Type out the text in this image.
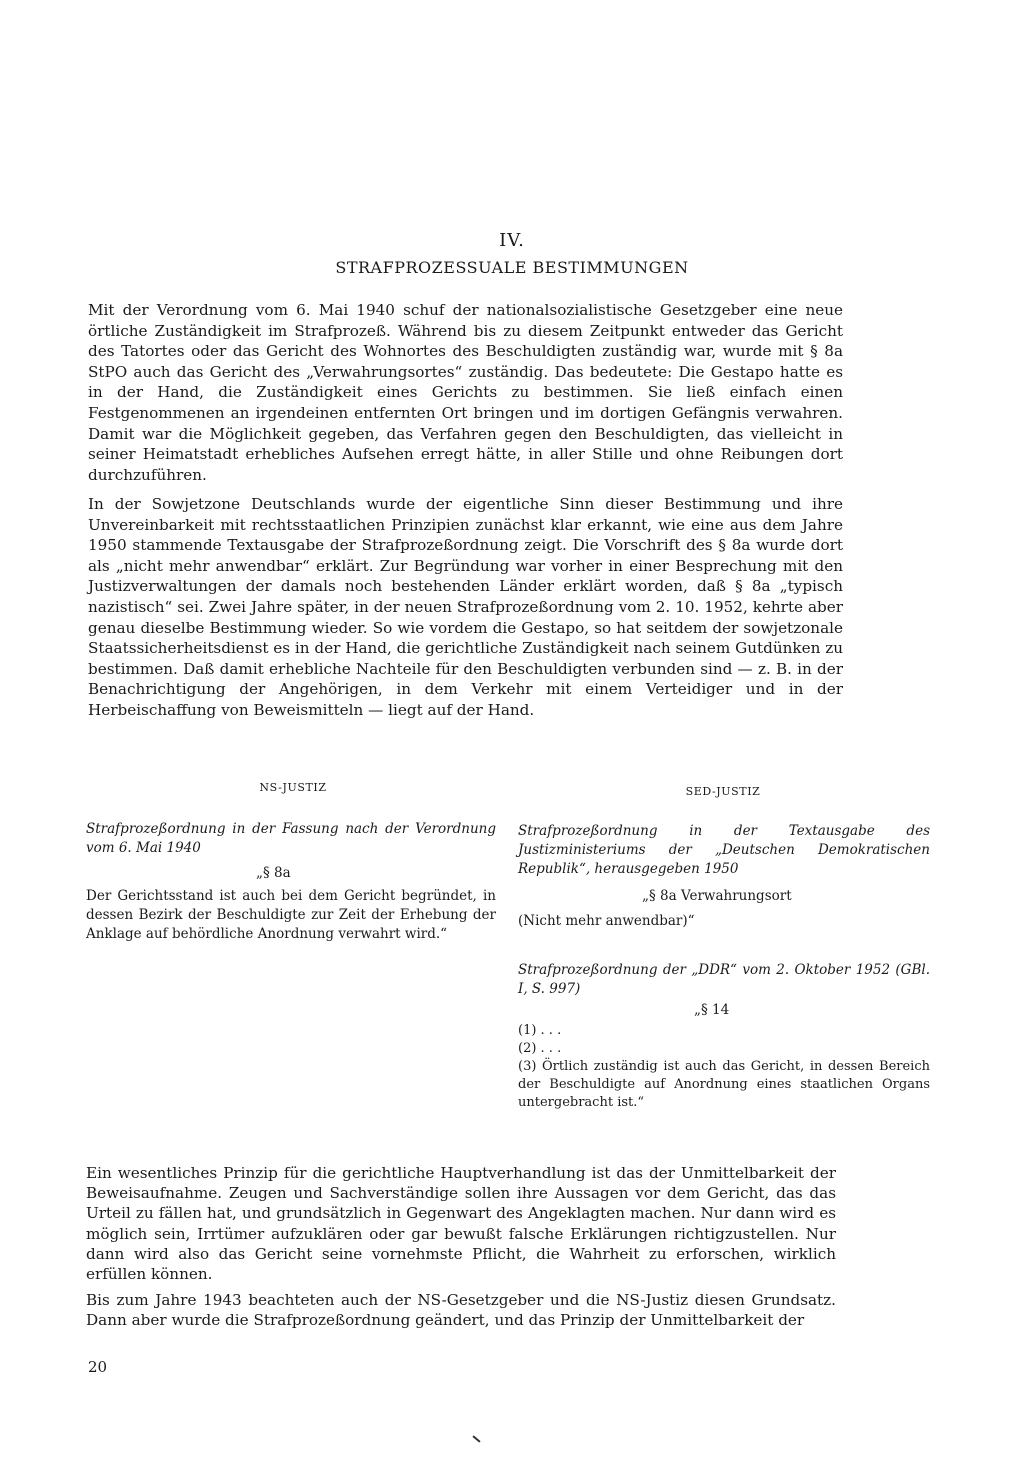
IV.
STRAFPROZESSUALE BESTIMMUNGEN

Mit der Verordnung vom 6. Mai 1940 schuf der nationalsozialistische Gesetzgeber eine neue örtliche Zuständigkeit im Strafprozeß. Während bis zu diesem Zeitpunkt entweder das Gericht des Tatortes oder das Gericht des Wohnortes des Beschuldigten zuständig war, wurde mit § 8a StPO auch das Gericht des „Verwahrungsortes“ zuständig. Das bedeutete: Die Gestapo hatte es in der Hand, die Zuständigkeit eines Gerichts zu bestimmen. Sie ließ einfach einen Festgenommenen an irgendeinen entfernten Ort bringen und im dortigen Gefängnis verwahren. Damit war die Möglichkeit gegeben, das Verfahren gegen den Beschuldigten, das vielleicht in seiner Heimatstadt erhebliches Aufsehen erregt hätte, in aller Stille und ohne Reibungen dort durchzuführen.

In der Sowjetzone Deutschlands wurde der eigentliche Sinn dieser Bestimmung und ihre Unvereinbarkeit mit rechtsstaatlichen Prinzipien zunächst klar erkannt, wie eine aus dem Jahre 1950 stammende Textausgabe der Strafprozeßordnung zeigt. Die Vorschrift des § 8a wurde dort als „nicht mehr anwendbar“ erklärt. Zur Begründung war vorher in einer Besprechung mit den Justizverwaltungen der damals noch bestehenden Länder erklärt worden, daß § 8a „typisch nazistisch“ sei. Zwei Jahre später, in der neuen Strafprozeßordnung vom 2. 10. 1952, kehrte aber genau dieselbe Bestimmung wieder. So wie vordem die Gestapo, so hat seitdem der sowjetzonale Staatssicherheitsdienst es in der Hand, die gerichtliche Zuständigkeit nach seinem Gutdünken zu bestimmen. Daß damit erhebliche Nachteile für den Beschuldigten verbunden sind — z. B. in der Benachrichtigung der Angehörigen, in dem Verkehr mit einem Verteidiger und in der Herbeischaffung von Beweismitteln — liegt auf der Hand.

NS-JUSTIZ	SED-JUSTIZ

Strafprozeßordnung in der Fassung nach der Verordnung vom 6. Mai 1940

„§ 8a

Der Gerichtsstand ist auch bei dem Gericht begründet, in dessen Bezirk der Beschuldigte zur Zeit der Erhebung der Anklage auf behördliche Anordnung verwahrt wird.“

Strafprozeßordnung in der Textausgabe des Justizministeriums der „Deutschen Demokratischen Republik“, herausgegeben 1950

„§ 8a Verwahrungsort

(Nicht mehr anwendbar)“

Strafprozeßordnung der „DDR“ vom 2. Oktober 1952 (GBl. I, S. 997)

„§ 14

(1) . . .

(2) . . .

(3) Örtlich zuständig ist auch das Gericht, in dessen Bereich der Beschuldigte auf Anordnung eines staatlichen Organs untergebracht ist.“

Ein wesentliches Prinzip für die gerichtliche Hauptverhandlung ist das der Unmittelbarkeit der Beweisaufnahme. Zeugen und Sachverständige sollen ihre Aussagen vor dem Gericht, das das Urteil zu fällen hat, und grundsätzlich in Gegenwart des Angeklagten machen. Nur dann wird es möglich sein, Irrtümer aufzuklären oder gar bewußt falsche Erklärungen richtigzustellen. Nur dann wird also das Gericht seine vornehmste Pflicht, die Wahrheit zu erforschen, wirklich erfüllen können.

Bis zum Jahre 1943 beachteten auch der NS-Gesetzgeber und die NS-Justiz diesen Grundsatz. Dann aber wurde die Strafprozeßordnung geändert, und das Prinzip der Unmittelbarkeit der

20
